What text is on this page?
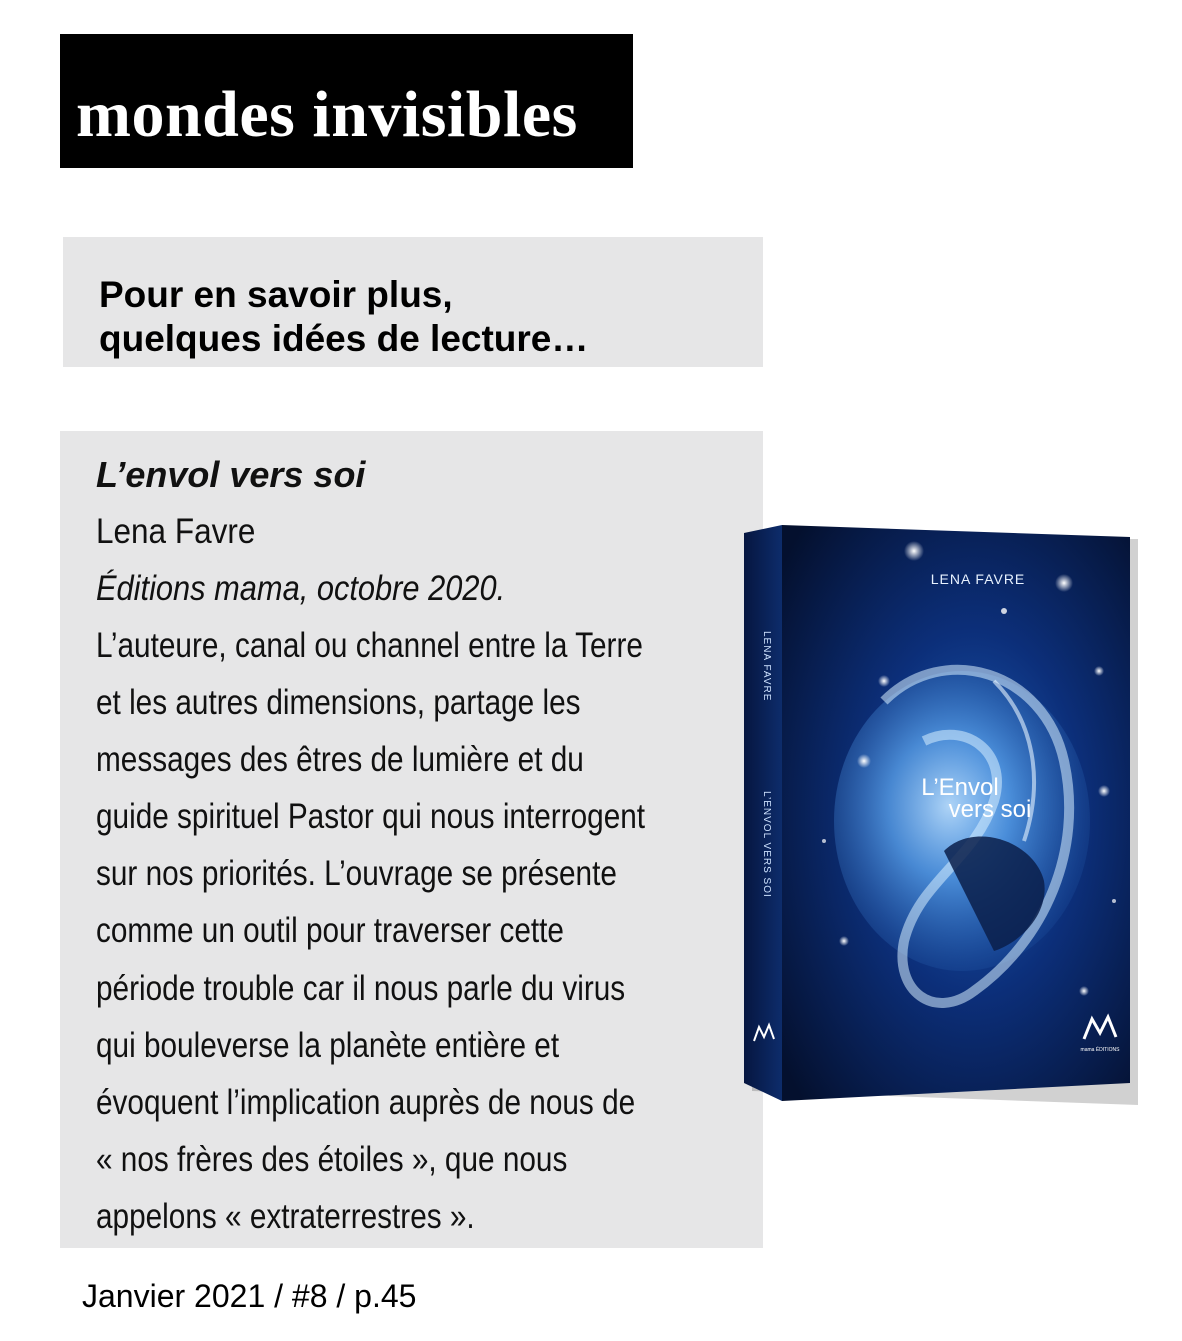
mondes invisibles
Pour en savoir plus,
quelques idées de lecture…
L’envol vers soi
Lena Favre
Éditions mama, octobre 2020.
L’auteure, canal ou channel entre la Terre
et les autres dimensions, partage les
messages des êtres de lumière et du
guide spirituel Pastor qui nous interrogent
sur nos priorités. L’ouvrage se présente
comme un outil pour traverser cette
période trouble car il nous parle du virus
qui bouleverse la planète entière et
évoquent l’implication auprès de nous de
« nos frères des étoiles », que nous
appelons « extraterrestres ».
LENA FAVRE
L’Envol
vers soi
LENA FAVRE
L’ENVOL VERS SOI
mama ÉDITIONS
Janvier 2021 / #8 / p.45
